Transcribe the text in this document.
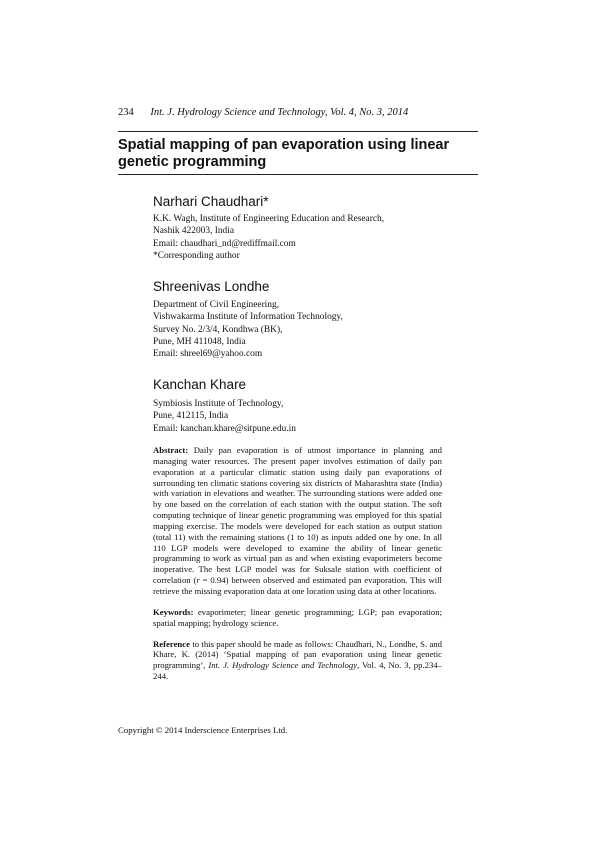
234 Int. J. Hydrology Science and Technology, Vol. 4, No. 3, 2014
Spatial mapping of pan evaporation using linear
genetic programming
Narhari Chaudhari*
K.K. Wagh, Institute of Engineering Education and Research,
Nashik 422003, India
Email: chaudhari_nd@rediffmail.com
*Corresponding author
Shreenivas Londhe
Department of Civil Engineering,
Vishwakarma Institute of Information Technology,
Survey No. 2/3/4, Kondhwa (BK),
Pune, MH 411048, India
Email: shreel69@yahoo.com
Kanchan Khare
Symbiosis Institute of Technology,
Pune, 412115, India
Email: kanchan.khare@sitpune.edu.in

Abstract: Daily pan evaporation is of utmost importance in planning and managing water resources. The present paper involves estimation of daily pan evaporation at a particular climatic station using daily pan evaporations of surrounding ten climatic stations covering six districts of Maharashtra state (India) with variation in elevations and weather. The surrounding stations were added one by one based on the correlation of each station with the output station. The soft computing technique of linear genetic programming was employed for this spatial mapping exercise. The models were developed for each station as output station (total 11) with the remaining stations (1 to 10) as inputs added one by one. In all 110 LGP models were developed to examine the ability of linear genetic programming to work as virtual pan as and when existing evaporimeters become inoperative. The best LGP model was for Suksale station with coefficient of correlation (r = 0.94) between observed and estimated pan evaporation. This will retrieve the missing evaporation data at one location using data at other locations.

Keywords: evaporimeter; linear genetic programming; LGP; pan evaporation; spatial mapping; hydrology science.

Reference to this paper should be made as follows: Chaudhari, N., Londhe, S. and Khare, K. (2014) ‘Spatial mapping of pan evaporation using linear genetic programming’, Int. J. Hydrology Science and Technology, Vol. 4, No. 3, pp.234–244.

Copyright © 2014 Inderscience Enterprises Ltd.
